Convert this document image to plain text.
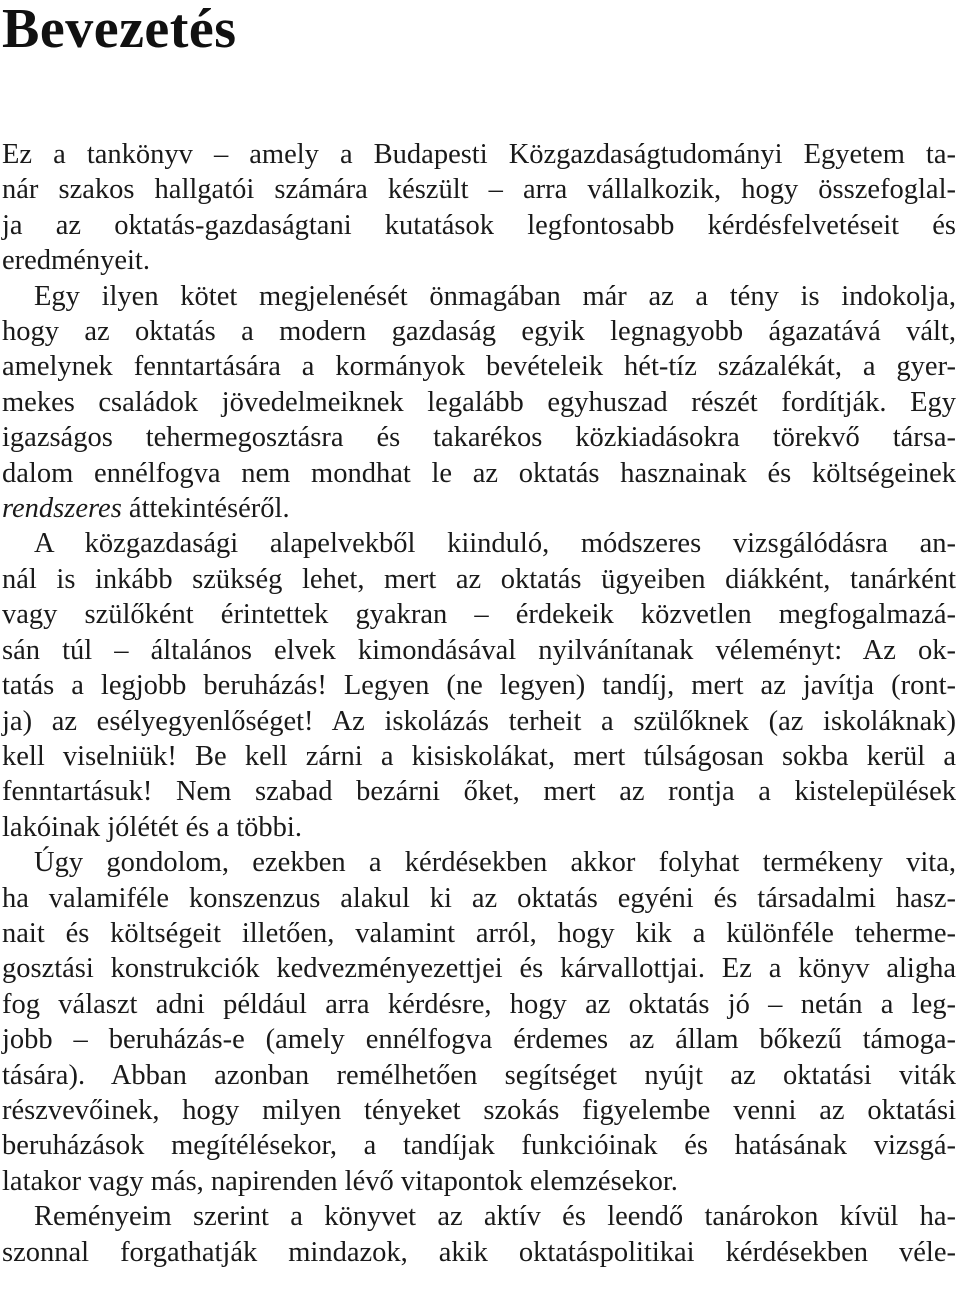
Bevezetés
Ez a tankönyv – amely a Budapesti Közgazdaságtudományi Egyetem ta-
nár szakos hallgatói számára készült – arra vállalkozik, hogy összefoglal-
ja az oktatás-gazdaságtani kutatások legfontosabb kérdésfelvetéseit és
eredményeit.
Egy ilyen kötet megjelenését önmagában már az a tény is indokolja,
hogy az oktatás a modern gazdaság egyik legnagyobb ágazatává vált,
amelynek fenntartására a kormányok bevételeik hét-tíz százalékát, a gyer-
mekes családok jövedelmeiknek legalább egyhuszad részét fordítják. Egy
igazságos tehermegosztásra és takarékos közkiadásokra törekvő társa-
dalom ennélfogva nem mondhat le az oktatás hasznainak és költségeinek
rendszeres áttekintéséről.
A közgazdasági alapelvekből kiinduló, módszeres vizsgálódásra an-
nál is inkább szükség lehet, mert az oktatás ügyeiben diákként, tanárként
vagy szülőként érintettek gyakran – érdekeik közvetlen megfogalmazá-
sán túl – általános elvek kimondásával nyilvánítanak véleményt: Az ok-
tatás a legjobb beruházás! Legyen (ne legyen) tandíj, mert az javítja (ront-
ja) az esélyegyenlőséget! Az iskolázás terheit a szülőknek (az iskoláknak)
kell viselniük! Be kell zárni a kisiskolákat, mert túlságosan sokba kerül a
fenntartásuk! Nem szabad bezárni őket, mert az rontja a kistelepülések
lakóinak jólétét és a többi.
Úgy gondolom, ezekben a kérdésekben akkor folyhat termékeny vita,
ha valamiféle konszenzus alakul ki az oktatás egyéni és társadalmi hasz-
nait és költségeit illetően, valamint arról, hogy kik a különféle teherme-
gosztási konstrukciók kedvezményezettjei és kárvallottjai. Ez a könyv aligha
fog választ adni például arra kérdésre, hogy az oktatás jó – netán a leg-
jobb – beruházás-e (amely ennélfogva érdemes az állam bőkezű támoga-
tására). Abban azonban remélhetően segítséget nyújt az oktatási viták
részvevőinek, hogy milyen tényeket szokás figyelembe venni az oktatási
beruházások megítélésekor, a tandíjak funkcióinak és hatásának vizsgá-
latakor vagy más, napirenden lévő vitapontok elemzésekor.
Reményeim szerint a könyvet az aktív és leendő tanárokon kívül ha-
szonnal forgathatják mindazok, akik oktatáspolitikai kérdésekben véle-
